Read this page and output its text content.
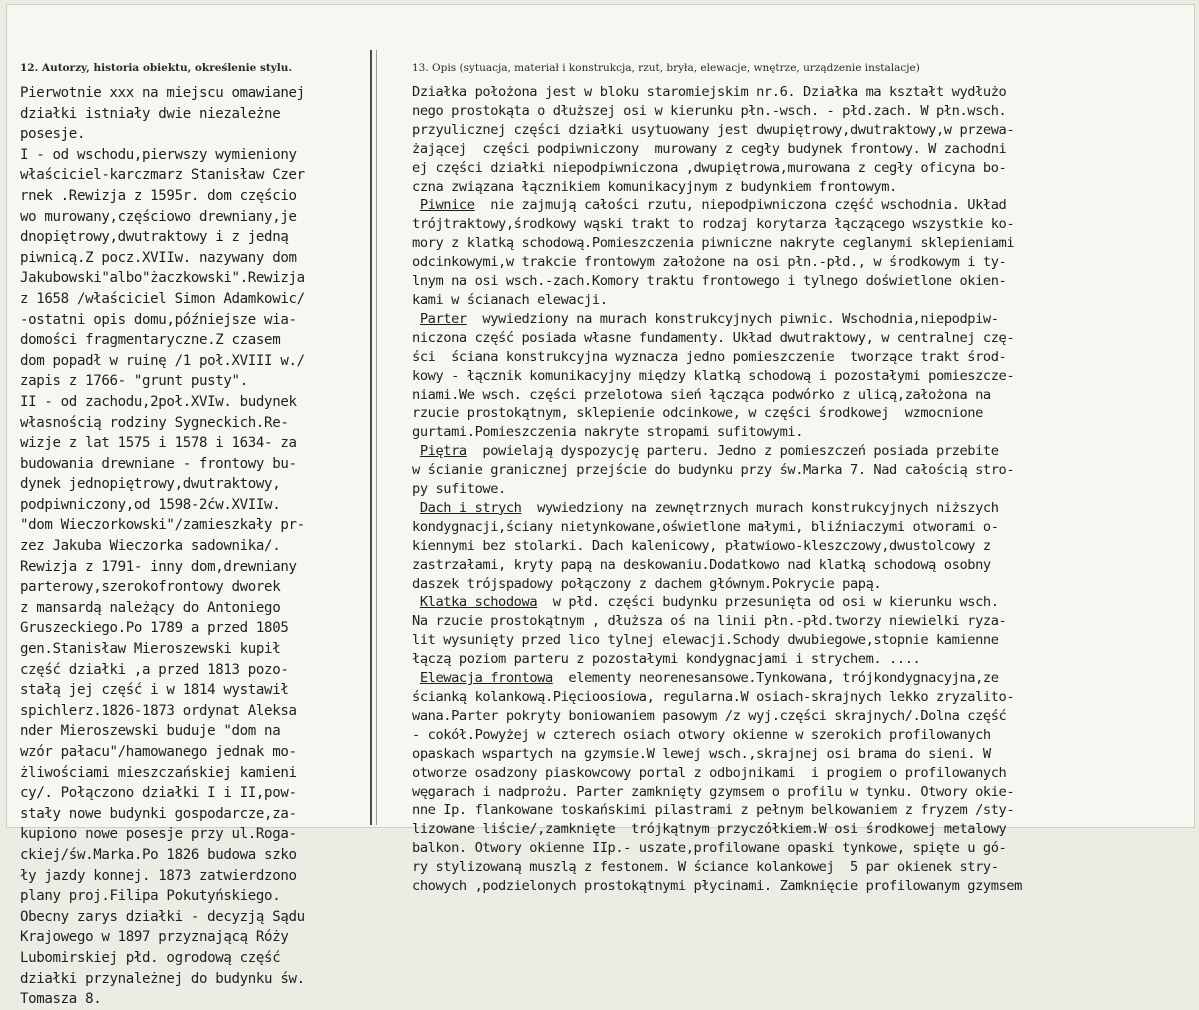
12. Autorzy, historia obiektu, określenie stylu.	13. Opis (sytuacja, materiał i konstrukcja, rzut, bryła, elewacje, wnętrze, urządzenie instalacje)
Pierwotnie xxx na miejscu omawianej
działki istniały dwie niezależne
posesje.
I - od wschodu,pierwszy wymieniony
właściciel-karczmarz Stanisław Czer
rnek .Rewizja z 1595r. dom częścio
wo murowany,częściowo drewniany,je
dnopiętrowy,dwutraktowy i z jedną
piwnicą.Z pocz.XVIIw. nazywany dom
Jakubowski"albo"żaczkowski".Rewizja
z 1658 /właściciel Simon Adamkowic/
-ostatni opis domu,późniejsze wia-
domości fragmentaryczne.Z czasem
dom popadł w ruinę /1 poł.XVIII w./
zapis z 1766- "grunt pusty".
II - od zachodu,2poł.XVIw. budynek
własnością rodziny Sygneckich.Re-
wizje z lat 1575 i 1578 i 1634- za
budowania drewniane - frontowy bu-
dynek jednopiętrowy,dwutraktowy,
podpiwniczony,od 1598-2ćw.XVIIw.
"dom Wieczorkowski"/zamieszkały pr-
zez Jakuba Wieczorka sadownika/.
Rewizja z 1791- inny dom,drewniany
parterowy,szerokofrontowy dworek
z mansardą należący do Antoniego
Gruszeckiego.Po 1789 a przed 1805
gen.Stanisław Mieroszewski kupił
część działki ,a przed 1813 pozo-
stałą jej część i w 1814 wystawił
spichlerz.1826-1873 ordynat Aleksa
nder Mieroszewski buduje "dom na
wzór pałacu"/hamowanego jednak mo-
żliwościami mieszczańskiej kamieni
cy/. Połączono działki I i II,pow-
stały nowe budynki gospodarcze,za-
kupiono nowe posesje przy ul.Roga-
ckiej/św.Marka.Po 1826 budowa szko
ły jazdy konnej. 1873 zatwierdzono
plany proj.Filipa Pokutyńskiego.
Obecny zarys działki - decyzją Sądu
Krajowego w 1897 przyznającą Róży
Lubomirskiej płd. ogrodową część
działki przynależnej do budynku św.
Tomasza 8.
Działka położona jest w bloku staromiejskim nr.6. Działka ma kształt wydłużo
nego prostokąta o dłuższej osi w kierunku płn.-wsch. - płd.zach. W płn.wsch.
przyulicznej części działki usytuowany jest dwupiętrowy,dwutraktowy,w przewa-
żającej  części podpiwniczony  murowany z cegły budynek frontowy. W zachodni
ej części działki niepodpiwniczona ,dwupiętrowa,murowana z cegły oficyna bo-
czna związana łącznikiem komunikacyjnym z budynkiem frontowym.
Piwnice  nie zajmują całości rzutu, niepodpiwniczona część wschodnia. Układ
trójtraktowy,środkowy wąski trakt to rodzaj korytarza łączącego wszystkie ko-
mory z klatką schodową.Pomieszczenia piwniczne nakryte ceglanymi sklepieniami
odcinkowymi,w trakcie frontowym założone na osi płn.-płd., w środkowym i ty-
lnym na osi wsch.-zach.Komory traktu frontowego i tylnego doświetlone okien-
kami w ścianach elewacji.
Parter  wywiedziony na murach konstrukcyjnych piwnic. Wschodnia,niepodpiw-
niczona część posiada własne fundamenty. Układ dwutraktowy, w centralnej czę-
ści  ściana konstrukcyjna wyznacza jedno pomieszczenie  tworzące trakt środ-
kowy - łącznik komunikacyjny między klatką schodową i pozostałymi pomieszcze-
niami.We wsch. części przelotowa sień łącząca podwórko z ulicą,założona na
rzucie prostokątnym, sklepienie odcinkowe, w części środkowej  wzmocnione
gurtami.Pomieszczenia nakryte stropami sufitowymi.
Piętra  powielają dyspozycję parteru. Jedno z pomieszczeń posiada przebite
w ścianie granicznej przejście do budynku przy św.Marka 7. Nad całością stro-
py sufitowe.
Dach i strych  wywiedziony na zewnętrznych murach konstrukcyjnych niższych
kondygnacji,ściany nietynkowane,oświetlone małymi, bliźniaczymi otworami o-
kiennymi bez stolarki. Dach kalenicowy, płatwiowo-kleszczowy,dwustolcowy z
zastrzałami, kryty papą na deskowaniu.Dodatkowo nad klatką schodową osobny
daszek trójspadowy połączony z dachem głównym.Pokrycie papą.
Klatka schodowa  w płd. części budynku przesunięta od osi w kierunku wsch.
Na rzucie prostokątnym , dłuższa oś na linii płn.-płd.tworzy niewielki ryza-
lit wysunięty przed lico tylnej elewacji.Schody dwubiegowe,stopnie kamienne
łączą poziom parteru z pozostałymi kondygnacjami i strychem. ....
Elewacja frontowa  elementy neorenesansowe.Tynkowana, trójkondygnacyjna,ze
ścianką kolankową.Pięcioosiowa, regularna.W osiach-skrajnych lekko zryzalito-
wana.Parter pokryty boniowaniem pasowym /z wyj.części skrajnych/.Dolna część
- cokół.Powyżej w czterech osiach otwory okienne w szerokich profilowanych
opaskach wspartych na gzymsie.W lewej wsch.,skrajnej osi brama do sieni. W
otworze osadzony piaskowcowy portal z odbojnikami  i progiem o profilowanych
węgarach i nadprożu. Parter zamknięty gzymsem o profilu w tynku. Otwory okie-
nne Ip. flankowane toskańskimi pilastrami z pełnym belkowaniem z fryzem /sty-
lizowane liście/,zamknięte  trójkątnym przyczółkiem.W osi środkowej metalowy
balkon. Otwory okienne IIp.- uszate,profilowane opaski tynkowe, spięte u gó-
ry stylizowaną muszlą z festonem. W ściance kolankowej  5 par okienek stry-
chowych ,podzielonych prostokątnymi płycinami. Zamknięcie profilowanym gzymsem
